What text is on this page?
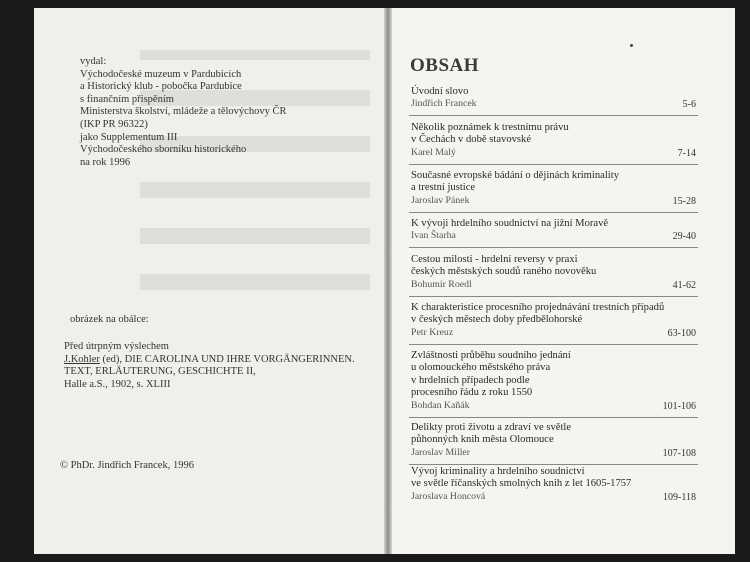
vydal:
Východočeské muzeum v Pardubicích
a Historický klub - pobočka Pardubice
s finančním přispěním
Ministerstva školství, mládeže a tělovýchovy ČR
(IKP PR 96322)
jako Supplementum III
Východočeského sborníku historického
na rok 1996
obrázek na obálce:
Před útrpným výslechem
J.Kohler (ed), DIE CAROLINA UND IHRE VORGÄNGERINNEN.
TEXT, ERLÄUTERUNG, GESCHICHTE II,
Halle a.S., 1902, s. XLIII
© PhDr. Jindřich Francek, 1996
OBSAH
Úvodní slovo
Jindřich Francek	5-6
Několik poznámek k trestnímu právu
v Čechách v době stavovské
Karel Malý	7-14
Současné evropské bádání o dějinách kriminality
a trestní justice
Jaroslav Pánek	15-28
K vývoji hrdelního soudnictví na jižní Moravě
Ivan Štarha	29-40
Cestou milosti - hrdelní reversy v praxi
českých městských soudů raného novověku
Bohumír Roedl	41-62
K charakteristice procesního projednávání trestních případů
v českých městech doby předbělohorské
Petr Kreuz	63-100
Zvláštnosti průběhu soudního jednání
u olomouckého městského práva
v hrdelních případech podle
procesního řádu z roku 1550
Bohdan Kaňák	101-106
Delikty proti životu a zdraví ve světle
půhonných knih města Olomouce
Jaroslav Miller	107-108
Vývoj kriminality a hrdelního soudnictví
ve světle říčanských smolných knih z let 1605-1757
Jaroslava Honcová	109-118
